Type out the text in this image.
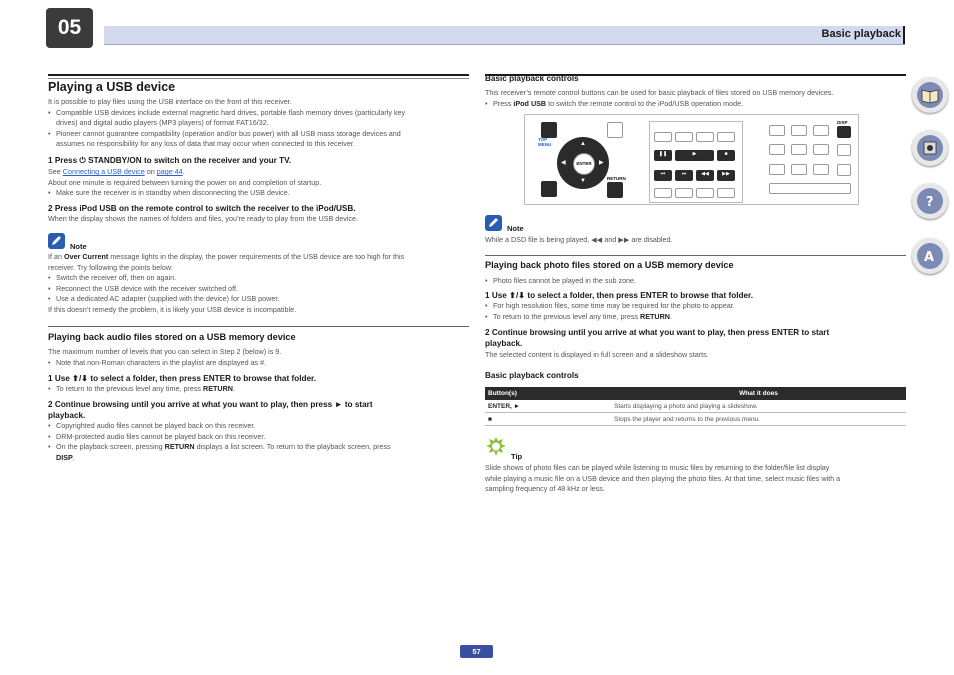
05	Basic playback
Playing a USB device

It is possible to play files using the USB interface on the front of this receiver.

• Compatible USB devices include external magnetic hard drives, portable flash memory drives (particularly key

drives) and digital audio players (MP3 players) of format FAT16/32.

• Pioneer cannot guarantee compatibility (operation and/or bus power) with all USB mass storage devices and

assumes no responsibility for any loss of data that may occur when connected to this receiver.

1 Press ⏻ STANDBY/ON to switch on the receiver and your TV.

See Connecting a USB device on page 44.

About one minute is required between turning the power on and completion of startup.

• Make sure the receiver is in standby when disconnecting the USB device.

2 Press iPod USB on the remote control to switch the receiver to the iPod/USB.

When the display shows the names of folders and files, you’re ready to play from the USB device.

Note

If an Over Current message lights in the display, the power requirements of the USB device are too high for this

receiver. Try following the points below:

• Switch the receiver off, then on again.

• Reconnect the USB device with the receiver switched off.

• Use a dedicated AC adapter (supplied with the device) for USB power.

If this doesn’t remedy the problem, it is likely your USB device is incompatible.

Playing back audio files stored on a USB memory device

The maximum number of levels that you can select in Step 2 (below) is 9.

• Note that non-Roman characters in the playlist are displayed as #.

1 Use ⬆/⬇ to select a folder, then press ENTER to browse that folder.

• To return to the previous level any time, press RETURN.

2 Continue browsing until you arrive at what you want to play, then press ► to start
playback.

• Copyrighted audio files cannot be played back on this receiver.

• DRM-protected audio files cannot be played back on this receiver.

• On the playback screen, pressing RETURN displays a list screen. To return to the playback screen, press

DISP.

Basic playback controls

This receiver’s remote control buttons can be used for basic playback of files stored on USB memory devices.

• Press iPod USB to switch the remote control to the iPod/USB operation mode.

TOP MENU
ENTER
▲
▼
◀	▶
RETURN
❚❚	▶	■
⏮	⏭	◀◀	▶▶
DISP
Note

While a DSD file is being played, ◀◀ and ▶▶ are disabled.

Playing back photo files stored on a USB memory device

• Photo files cannot be played in the sub zone.

1 Use ⬆/⬇ to select a folder, then press ENTER to browse that folder.

• For high resolution files, some time may be required for the photo to appear.

• To return to the previous level any time, press RETURN.

2 Continue browsing until you arrive at what you want to play, then press ENTER to start
playback.

The selected content is displayed in full screen and a slideshow starts.

Basic playback controls
Button(s)	What it does
ENTER, ►	Starts displaying a photo and playing a slideshow.
■	Stops the player and returns to the previous menu.
Tip

Slide shows of photo files can be played while listening to music files by returning to the folder/file list display

while playing a music file on a USB device and then playing the photo files. At that time, select music files with a

sampling frequency of 48 kHz or less.

?
A
57
